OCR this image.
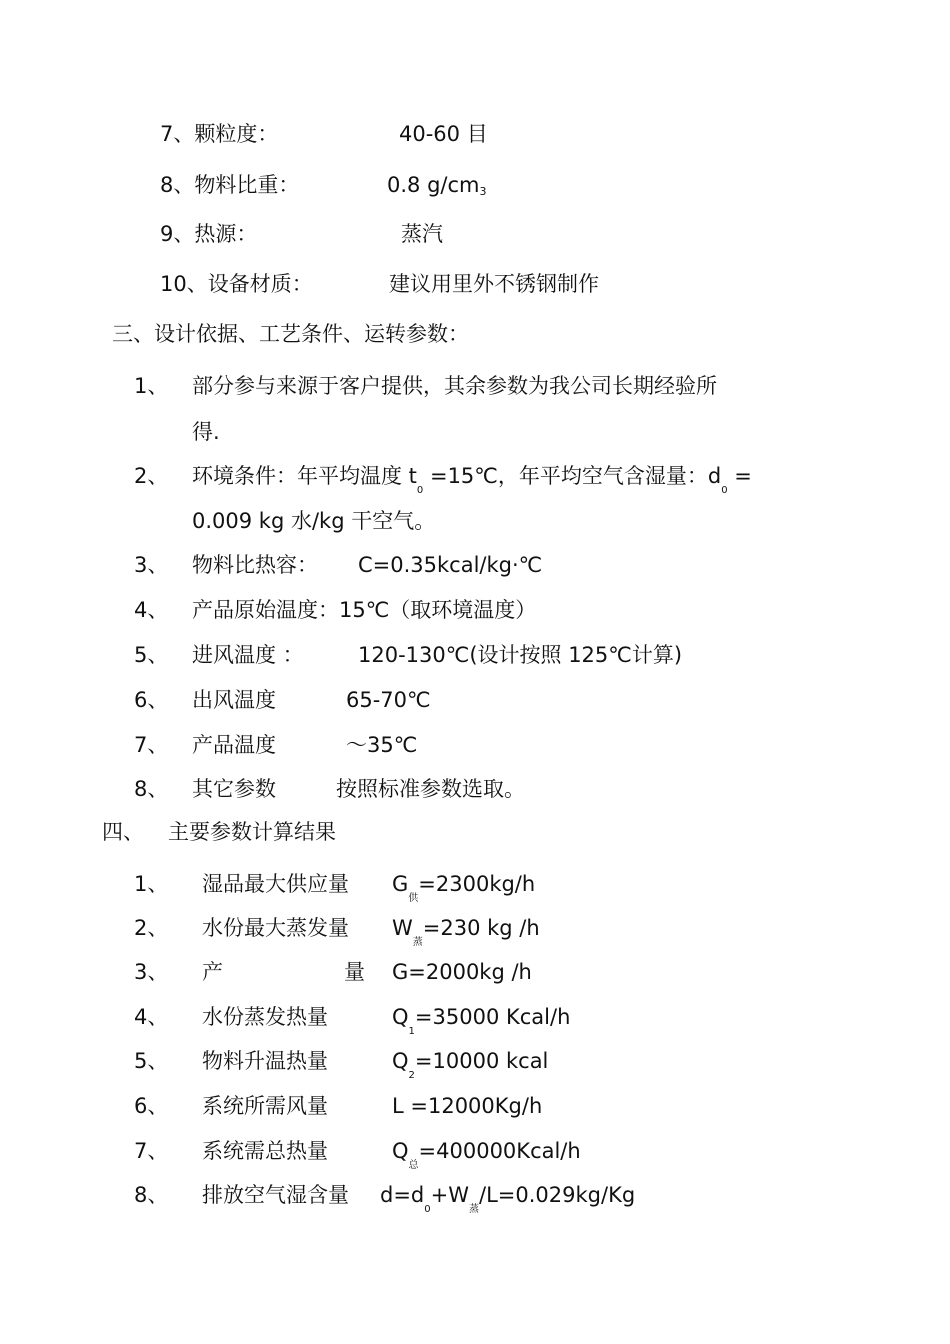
7、颗粒度：	40-60 目
8、物料比重：	0.8 g/cm3
9、热源：	蒸汽
10、设备材质：	建议用里外不锈钢制作
三、设计依据、工艺条件、运转参数：
1、 部分参与来源于客户提供，其余参数为我公司长期经验所
得.
2、 环境条件：年平均温度 $t_0$ =15℃，年平均空气含湿量：$d_0$ =
0.009 kg 水/kg 干空气。
3、 物料比热容： C=0.35kcal/kg·℃
4、 产品原始温度：15℃（取环境温度）
5、 进风温度 ：	120-130℃(设计按照 125℃计算)
6、 出风温度	65-70℃
7、 产品温度	～35℃
8、 其它参数	按照标准参数选取。
四、 主要参数计算结果
1、 湿品最大供应量 $G_供=2300kg/h$
2、 水份最大蒸发量 $W_蒸=230$ kg /h
3、 产	量 G=2000kg /h
4、 水份蒸发热量	$Q_1=35000$ Kcal/h
5、 物料升温热量	$Q_2=10000$ kcal
6、 系统所需风量	L =12000Kg/h
7、 系统需总热量	$Q_总=400000Kcal/h$
8、 排放空气湿含量 $d=d_0+W_蒸/L=0.029kg/Kg$
